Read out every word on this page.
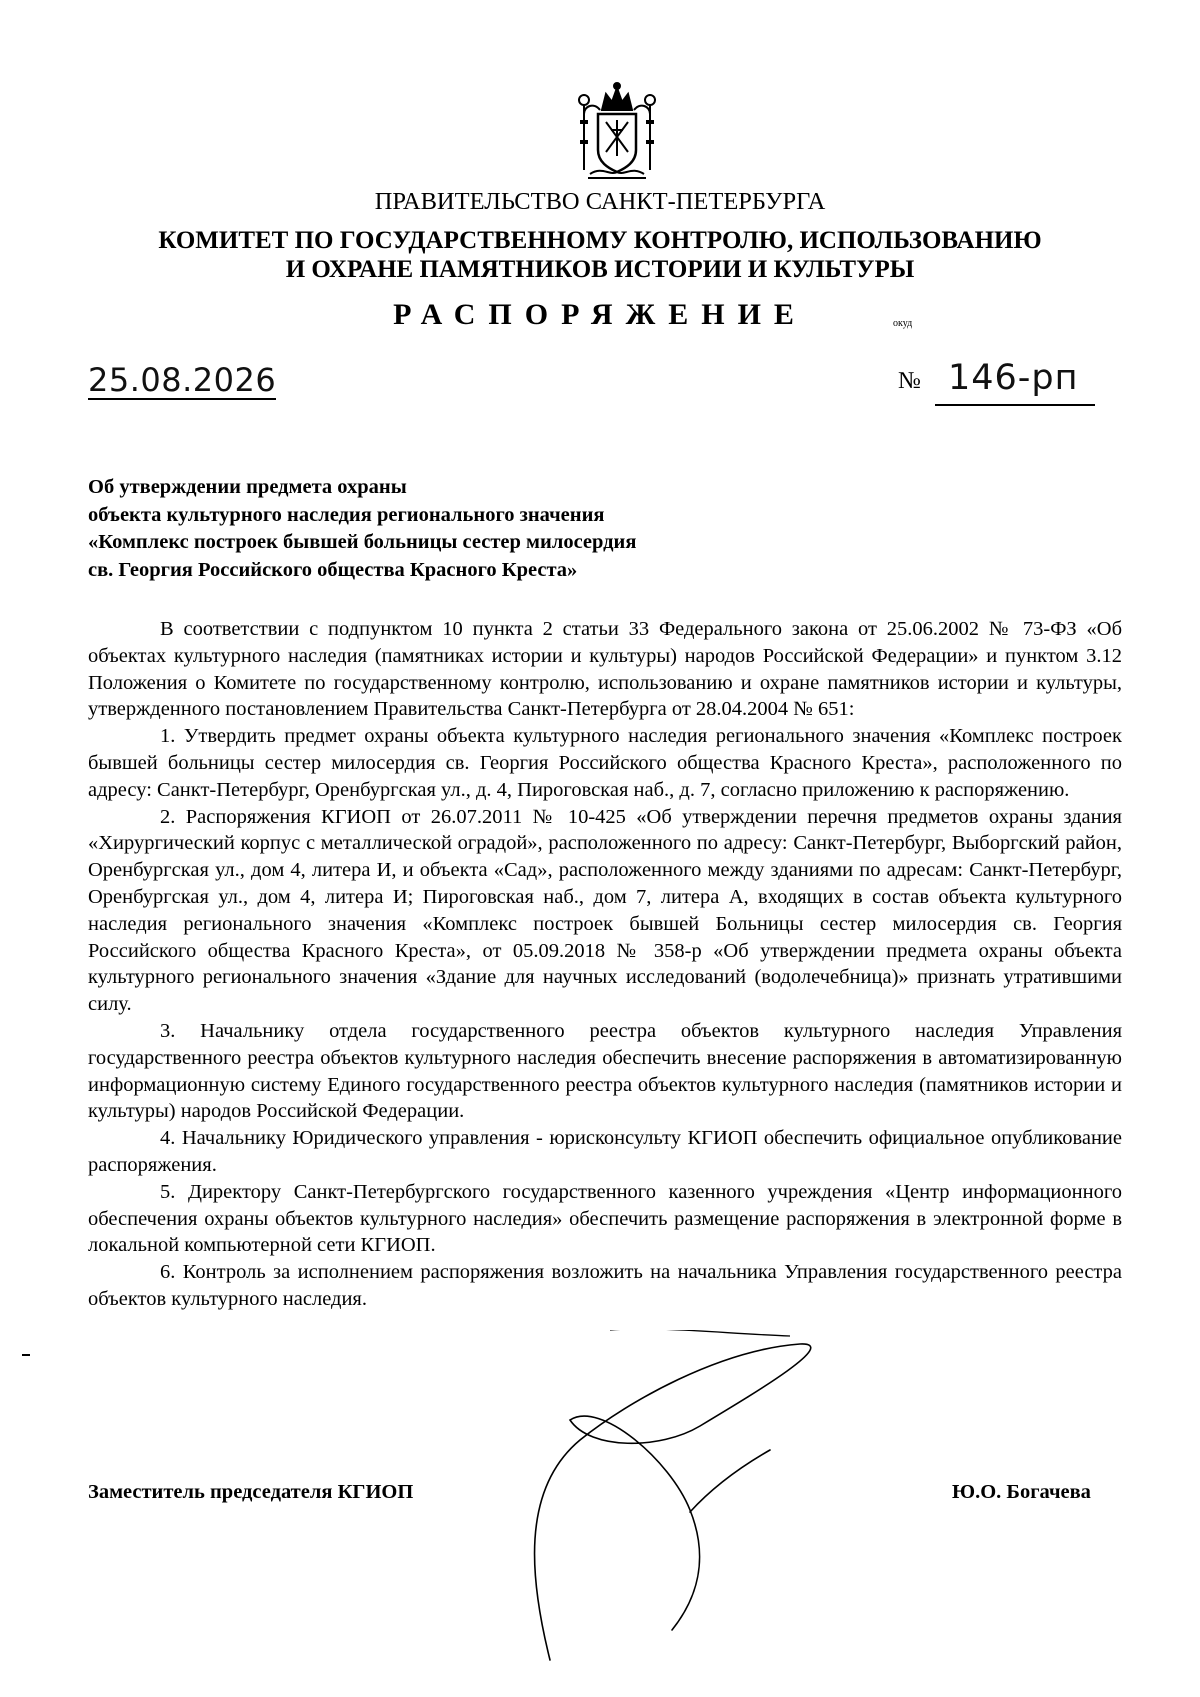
ПРАВИТЕЛЬСТВО САНКТ-ПЕТЕРБУРГА
КОМИТЕТ ПО ГОСУДАРСТВЕННОМУ КОНТРОЛЮ, ИСПОЛЬЗОВАНИЮ
И ОХРАНЕ ПАМЯТНИКОВ ИСТОРИИ И КУЛЬТУРЫ
РАСПОРЯЖЕНИЕ	окуд
25.08.2026	№ 146-рп
Об утверждении предмета охраны
объекта культурного наследия регионального значения
«Комплекс построек бывшей больницы сестер милосердия
св. Георгия Российского общества Красного Креста»

В соответствии с подпунктом 10 пункта 2 статьи 33 Федерального закона от 25.06.2002 № 73-ФЗ «Об объектах культурного наследия (памятниках истории и культуры) народов Российской Федерации» и пунктом 3.12 Положения о Комитете по государственному контролю, использованию и охране памятников истории и культуры, утвержденного постановлением Правительства Санкт-Петербурга от 28.04.2004 № 651:

1. Утвердить предмет охраны объекта культурного наследия регионального значения «Комплекс построек бывшей больницы сестер милосердия св. Георгия Российского общества Красного Креста», расположенного по адресу: Санкт-Петербург, Оренбургская ул., д. 4, Пироговская наб., д. 7, согласно приложению к распоряжению.

2. Распоряжения КГИОП от 26.07.2011 № 10-425 «Об утверждении перечня предметов охраны здания «Хирургический корпус с металлической оградой», расположенного по адресу: Санкт-Петербург, Выборгский район, Оренбургская ул., дом 4, литера И, и объекта «Сад», расположенного между зданиями по адресам: Санкт-Петербург, Оренбургская ул., дом 4, литера И; Пироговская наб., дом 7, литера А, входящих в состав объекта культурного наследия регионального значения «Комплекс построек бывшей Больницы сестер милосердия св. Георгия Российского общества Красного Креста», от 05.09.2018 № 358-р «Об утверждении предмета охраны объекта культурного регионального значения «Здание для научных исследований (водолечебница)» признать утратившими силу.

3. Начальнику отдела государственного реестра объектов культурного наследия Управления государственного реестра объектов культурного наследия обеспечить внесение распоряжения в автоматизированную информационную систему Единого государственного реестра объектов культурного наследия (памятников истории и культуры) народов Российской Федерации.

4. Начальнику Юридического управления - юрисконсульту КГИОП обеспечить официальное опубликование распоряжения.

5. Директору Санкт-Петербургского государственного казенного учреждения «Центр информационного обеспечения охраны объектов культурного наследия» обеспечить размещение распоряжения в электронной форме в локальной компьютерной сети КГИОП.

6. Контроль за исполнением распоряжения возложить на начальника Управления государственного реестра объектов культурного наследия.

Заместитель председателя КГИОП	Ю.О. Богачева
